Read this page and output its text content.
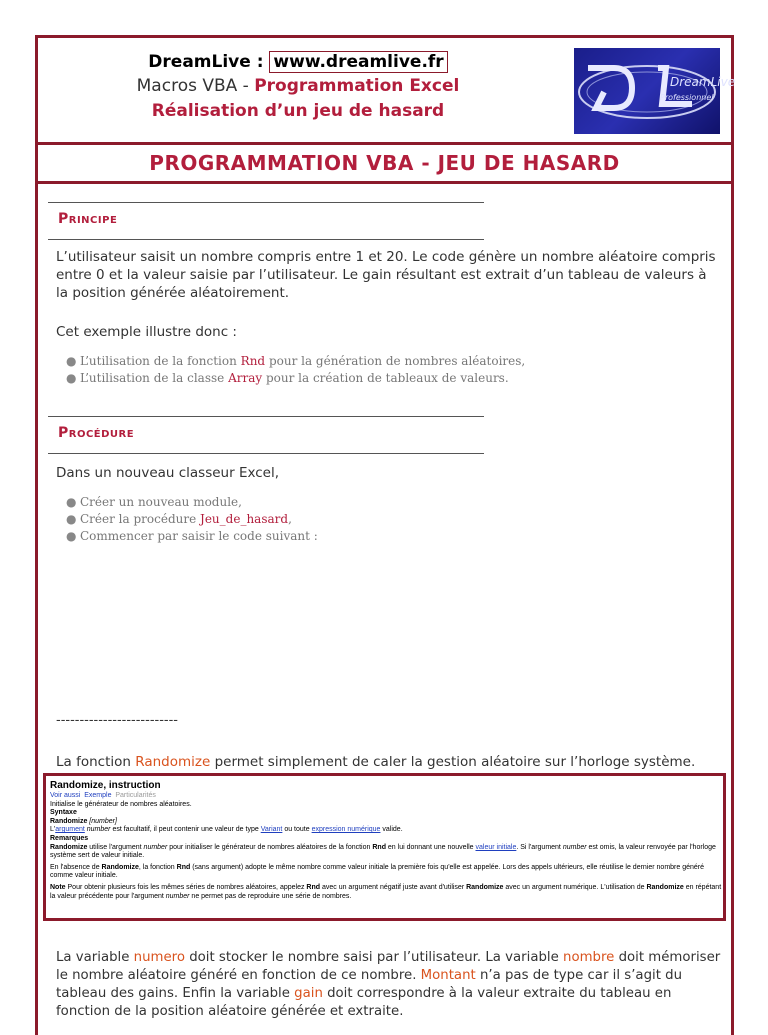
DreamLive : www.dreamlive.fr
Macros VBA - Programmation Excel
Réalisation d’un jeu de hasard
DreamLive
Professionnel
PROGRAMMATION VBA - JEU DE HASARD
Principe
L’utilisateur saisit un nombre compris entre 1 et 20. Le code génère un nombre aléatoire compris entre 0 et la valeur saisie par l’utilisateur. Le gain résultant est extrait d’un tableau de valeurs à la position générée aléatoirement.
Cet exemple illustre donc :
● L’utilisation de la fonction Rnd pour la génération de nombres aléatoires,
● L’utilisation de la classe Array pour la création de tableaux de valeurs.
Procédure
Dans un nouveau classeur Excel,
● Créer un nouveau module,
● Créer la procédure Jeu_de_hasard,
● Commencer par saisir le code suivant :
--------------------------
La fonction Randomize permet simplement de caler la gestion aléatoire sur l’horloge système.
Randomize, instruction
Voir aussi Exemple Particularités
Initialise le générateur de nombres aléatoires.
Syntaxe
Randomize [number]
L'argument number est facultatif, il peut contenir une valeur de type Variant ou toute expression numérique valide.
Remarques
Randomize utilise l'argument number pour initialiser le générateur de nombres aléatoires de la fonction Rnd en lui donnant une nouvelle valeur initiale. Si l'argument number est omis, la valeur renvoyée par l'horloge système sert de valeur initiale.
En l'absence de Randomize, la fonction Rnd (sans argument) adopte le même nombre comme valeur initiale la première fois qu'elle est appelée. Lors des appels ultérieurs, elle réutilise le dernier nombre généré comme valeur initiale.
Note Pour obtenir plusieurs fois les mêmes séries de nombres aléatoires, appelez Rnd avec un argument négatif juste avant d'utiliser Randomize avec un argument numérique. L'utilisation de Randomize en répétant la valeur précédente pour l'argument number ne permet pas de reproduire une série de nombres.
La variable numero doit stocker le nombre saisi par l’utilisateur. La variable nombre doit mémoriser le nombre aléatoire généré en fonction de ce nombre. Montant n’a pas de type car il s’agit du tableau des gains. Enfin la variable gain doit correspondre à la valeur extraite du tableau en fonction de la position aléatoire générée et extraite.
